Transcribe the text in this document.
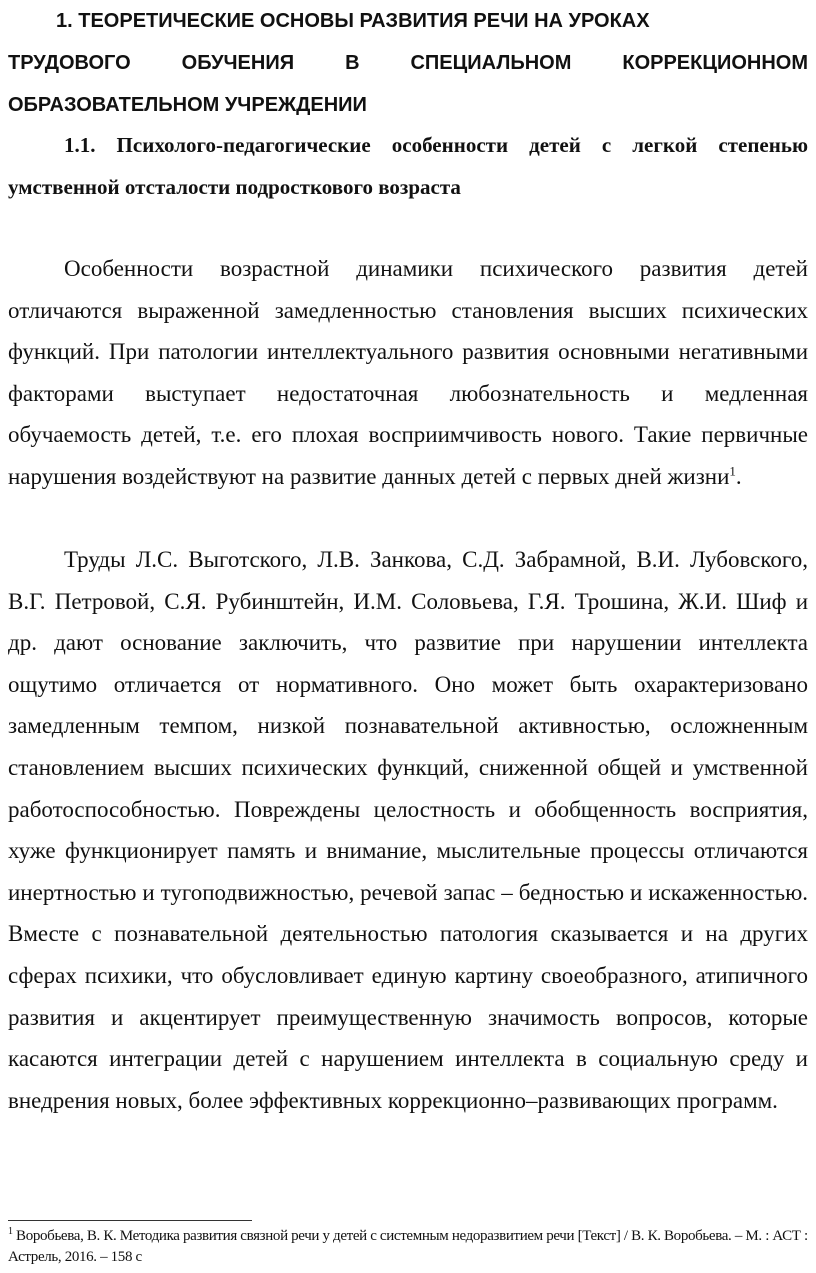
1. ТЕОРЕТИЧЕСКИЕ ОСНОВЫ РАЗВИТИЯ РЕЧИ НА УРОКАХ
ТРУДОВОГО ОБУЧЕНИЯ В СПЕЦИАЛЬНОМ КОРРЕКЦИОННОМ ОБРАЗОВАТЕЛЬНОМ УЧРЕЖДЕНИИ
1.1. Психолого-педагогические особенности детей с легкой степенью умственной отсталости подросткового возраста

Особенности возрастной динамики психического развития детей отличаются выраженной замедленностью становления высших психических функций. При патологии интеллектуального развития основными негативными факторами выступает недостаточная любознательность и медленная обучаемость детей, т.е. его плохая восприимчивость нового. Такие первичные нарушения воздействуют на развитие данных детей с первых дней жизни$^1$.

Труды Л.С. Выготского, Л.В. Занкова, С.Д. Забрамной, В.И. Лубовского, В.Г. Петровой, С.Я. Рубинштейн, И.М. Соловьева, Г.Я. Трошина, Ж.И. Шиф и др. дают основание заключить, что развитие при нарушении интеллекта ощутимо отличается от нормативного. Оно может быть охарактеризовано замедленным темпом, низкой познавательной активностью, осложненным становлением высших психических функций, сниженной общей и умственной работоспособностью. Повреждены целостность и обобщенность восприятия, хуже функционирует память и внимание, мыслительные процессы отличаются инертностью и тугоподвижностью, речевой запас – бедностью и искаженностью. Вместе с познавательной деятельностью патология сказывается и на других сферах психики, что обусловливает единую картину своеобразного, атипичного развития и акцентирует преимущественную значимость вопросов, которые касаются интеграции детей с нарушением интеллекта в социальную среду и внедрения новых, более эффективных коррекционно–развивающих программ.

$^1$ Воробьева, В. К. Методика развития связной речи у детей с системным недоразвитием речи [Текст] / В. К. Воробьева. – М. : АСТ : Астрель, 2016. – 158 с
